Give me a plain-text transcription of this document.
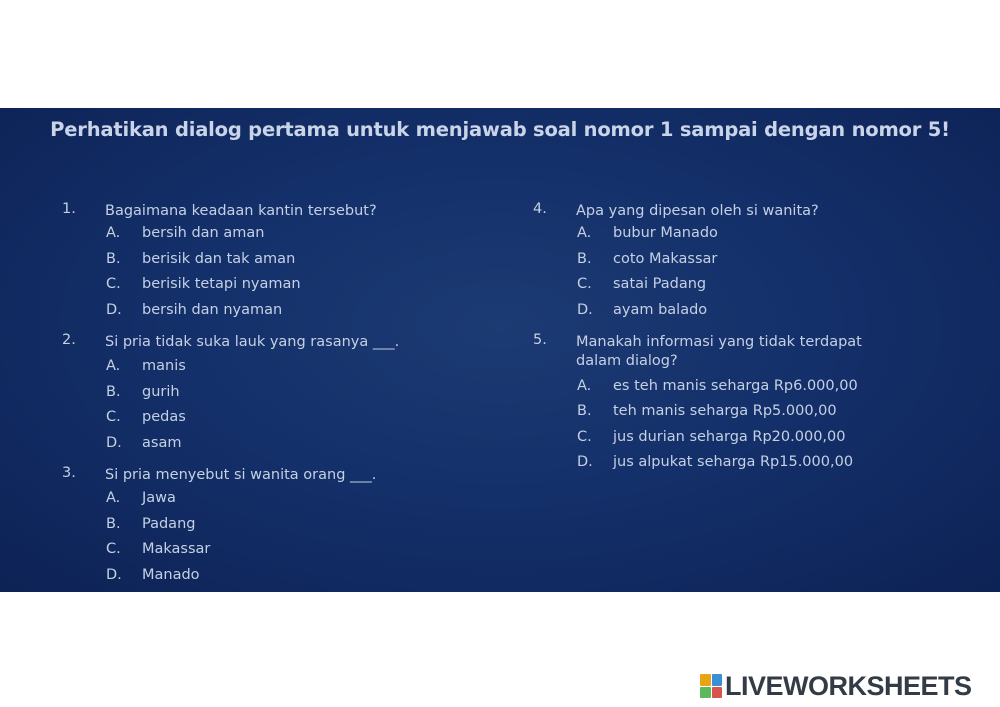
Perhatikan dialog pertama untuk menjawab soal nomor 1 sampai dengan nomor 5!
1. Bagaimana keadaan kantin tersebut?
A. bersih dan aman
B. berisik dan tak aman
C. berisik tetapi nyaman
D. bersih dan nyaman
2. Si pria tidak suka lauk yang rasanya ___.
A. manis
B. gurih
C. pedas
D. asam
3. Si pria menyebut si wanita orang ___.
A. Jawa
B. Padang
C. Makassar
D. Manado
4. Apa yang dipesan oleh si wanita?
A. bubur Manado
B. coto Makassar
C. satai Padang
D. ayam balado
5. Manakah informasi yang tidak terdapat
dalam dialog?
A. es teh manis seharga Rp6.000,00
B. teh manis seharga Rp5.000,00
C. jus durian seharga Rp20.000,00
D. jus alpukat seharga Rp15.000,00
LIVEWORKSHEETS
